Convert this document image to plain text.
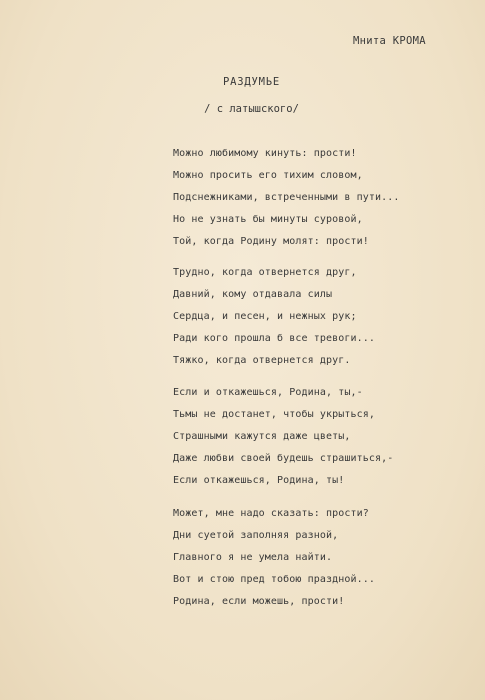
Мнита КРОМА
РАЗДУМЬЕ
/ с латышского/
Можно любимому кинуть: прости!
Можно просить его тихим словом,
Подснежниками, встреченными в пути...
Но не узнать бы минуты суровой,
Той, когда Родину молят: прости!
Трудно, когда отвернется друг,
Давний, кому отдавала силы
Сердца, и песен, и нежных рук;
Ради кого прошла б все тревоги...
Тяжко, когда отвернется друг.
Если и откажешься, Родина, ты,-
Тьмы не достанет, чтобы укрыться,
Страшными кажутся даже цветы,
Даже любви своей будешь страшиться,-
Если откажешься, Родина, ты!
Может, мне надо сказать: прости?
Дни суетой заполняя разной,
Главного я не умела найти.
Вот и стою пред тобою праздной...
Родина, если можешь, прости!
